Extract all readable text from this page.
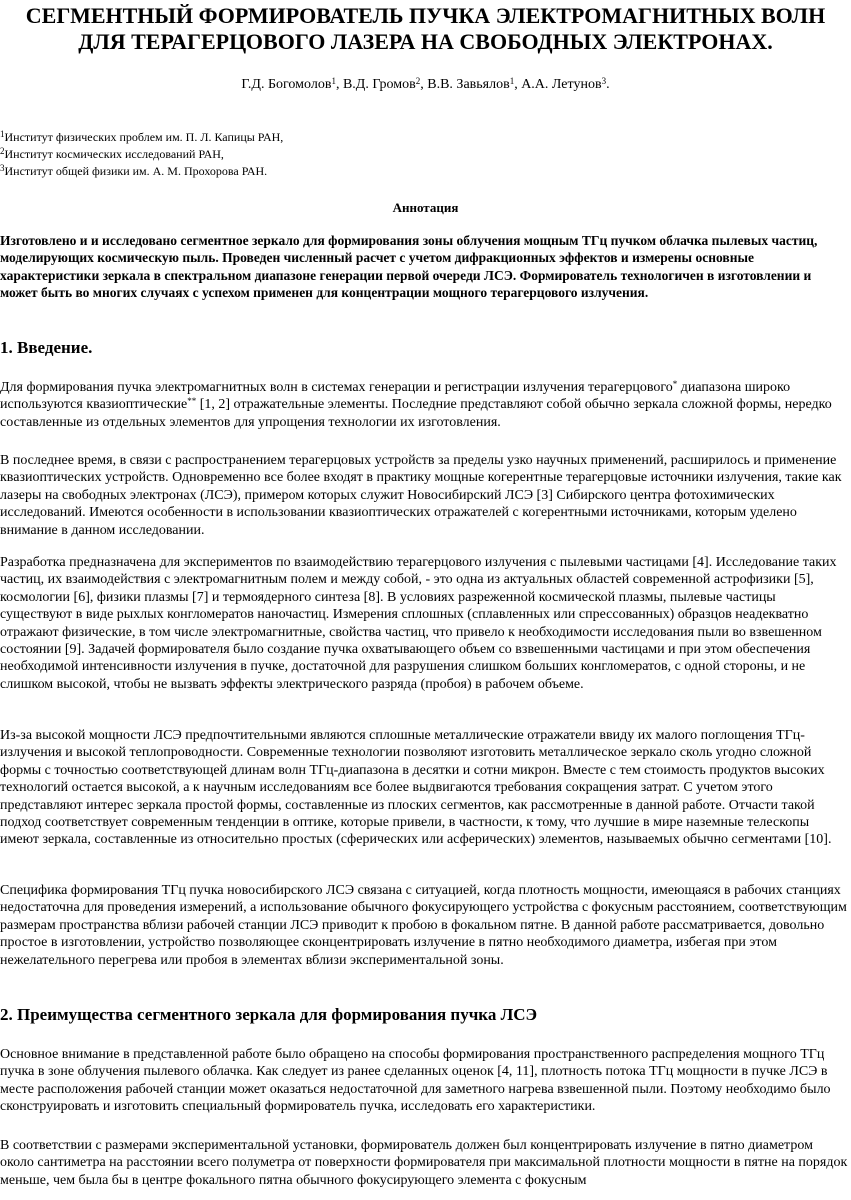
СЕГМЕНТНЫЙ ФОРМИРОВАТЕЛЬ ПУЧКА ЭЛЕКТРОМАГНИТНЫХ ВОЛН ДЛЯ ТЕРАГЕРЦОВОГО ЛАЗЕРА НА СВОБОДНЫХ ЭЛЕКТРОНАХ.

Г.Д. Богомолов$^1$, В.Д. Громов$^2$, В.В. Завьялов$^1$, А.А. Летунов$^3$.

$^1$Институт физических проблем им. П. Л. Капицы РАН,
$^2$Институт космических исследований РАН,
$^3$Институт общей физики им. А. М. Прохорова РАН.

Аннотация

Изготовлено и и исследовано сегментное зеркало для формирования зоны облучения мощным ТГц пучком облачка пылевых частиц, моделирующих космическую пыль. Проведен численный расчет с учетом дифракционных эффектов и измерены основные характеристики зеркала в спектральном диапазоне генерации первой очереди ЛСЭ. Формирователь технологичен в изготовлении и может быть во многих случаях с успехом применен для концентрации мощного терагерцового излучения.

1. Введение.

Для формирования пучка электромагнитных волн в системах генерации и регистрации излучения терагерцового* диапазона широко используются квазиоптические** [1, 2] отражательные элементы. Последние представляют собой обычно зеркала сложной формы, нередко составленные из отдельных элементов для упрощения технологии их изготовления.

В последнее время, в связи с распространением терагерцовых устройств за пределы узко научных применений, расширилось и применение квазиоптических устройств. Одновременно все более входят в практику мощные когерентные терагерцовые источники излучения, такие как лазеры на свободных электронах (ЛСЭ), примером которых служит Новосибирский ЛСЭ [3] Сибирского центра фотохимических исследований. Имеются особенности в использовании квазиоптических отражателей с когерентными источниками, которым уделено внимание в данном исследовании.

Разработка предназначена для экспериментов по взаимодействию терагерцового излучения с пылевыми частицами [4]. Исследование таких частиц, их взаимодействия с электромагнитным полем и между собой, - это одна из актуальных областей современной астрофизики [5], космологии [6], физики плазмы [7] и термоядерного синтеза [8]. В условиях разреженной космической плазмы, пылевые частицы существуют в виде рыхлых конгломератов наночастиц. Измерения сплошных (сплавленных или спрессованных) образцов неадекватно отражают физические, в том числе электромагнитные, свойства частиц, что привело к необходимости исследования пыли во взвешенном состоянии [9]. Задачей формирователя было создание пучка охватывающего объем со взвешенными частицами и при этом обеспечения необходимой интенсивности излучения в пучке, достаточной для разрушения слишком больших конгломератов, с одной стороны, и не слишком высокой, чтобы не вызвать эффекты электрического разряда (пробоя) в рабочем объеме.

Из-за высокой мощности ЛСЭ предпочтительными являются сплошные металлические отражатели ввиду их малого поглощения ТГц-излучения и высокой теплопроводности. Современные технологии позволяют изготовить металлическое зеркало сколь угодно сложной формы с точностью соответствующей длинам волн ТГц-диапазона в десятки и сотни микрон. Вместе с тем стоимость продуктов высоких технологий остается высокой, а к научным исследованиям все более выдвигаются требования сокращения затрат. С учетом этого представляют интерес зеркала простой формы, составленные из плоских сегментов, как рассмотренные в данной работе. Отчасти такой подход соответствует современным тенденции в оптике, которые привели, в частности, к тому, что лучшие в мире наземные телескопы имеют зеркала, составленные из относительно простых (сферических или асферических) элементов, называемых обычно сегментами [10].

Специфика формирования ТГц пучка новосибирского ЛСЭ связана с ситуацией, когда плотность мощности, имеющаяся в рабочих станциях недостаточна для проведения измерений, а использование обычного фокусирующего устройства с фокусным расстоянием, соответствующим размерам пространства вблизи рабочей станции ЛСЭ приводит к пробою в фокальном пятне. В данной работе рассматривается, довольно простое в изготовлении, устройство позволяющее сконцентрировать излучение в пятно необходимого диаметра, избегая при этом нежелательного перегрева или пробоя в элементах вблизи экспериментальной зоны.

2. Преимущества сегментного зеркала для формирования пучка ЛСЭ

Основное внимание в представленной работе было обращено на способы формирования пространственного распределения мощного ТГц пучка в зоне облучения пылевого облачка. Как следует из ранее сделанных оценок [4, 11], плотность потока ТГц мощности в пучке ЛСЭ в месте расположения рабочей станции может оказаться недостаточной для заметного нагрева взвешенной пыли. Поэтому необходимо было сконструировать и изготовить специальный формирователь пучка, исследовать его характеристики.

В соответствии с размерами экспериментальной установки, формирователь должен был концентрировать излучение в пятно диаметром около сантиметра на расстоянии всего полуметра от поверхности формирователя при максимальной плотности мощности в пятне на порядок меньше, чем была бы в центре фокального пятна обычного фокусирующего элемента с фокусным
